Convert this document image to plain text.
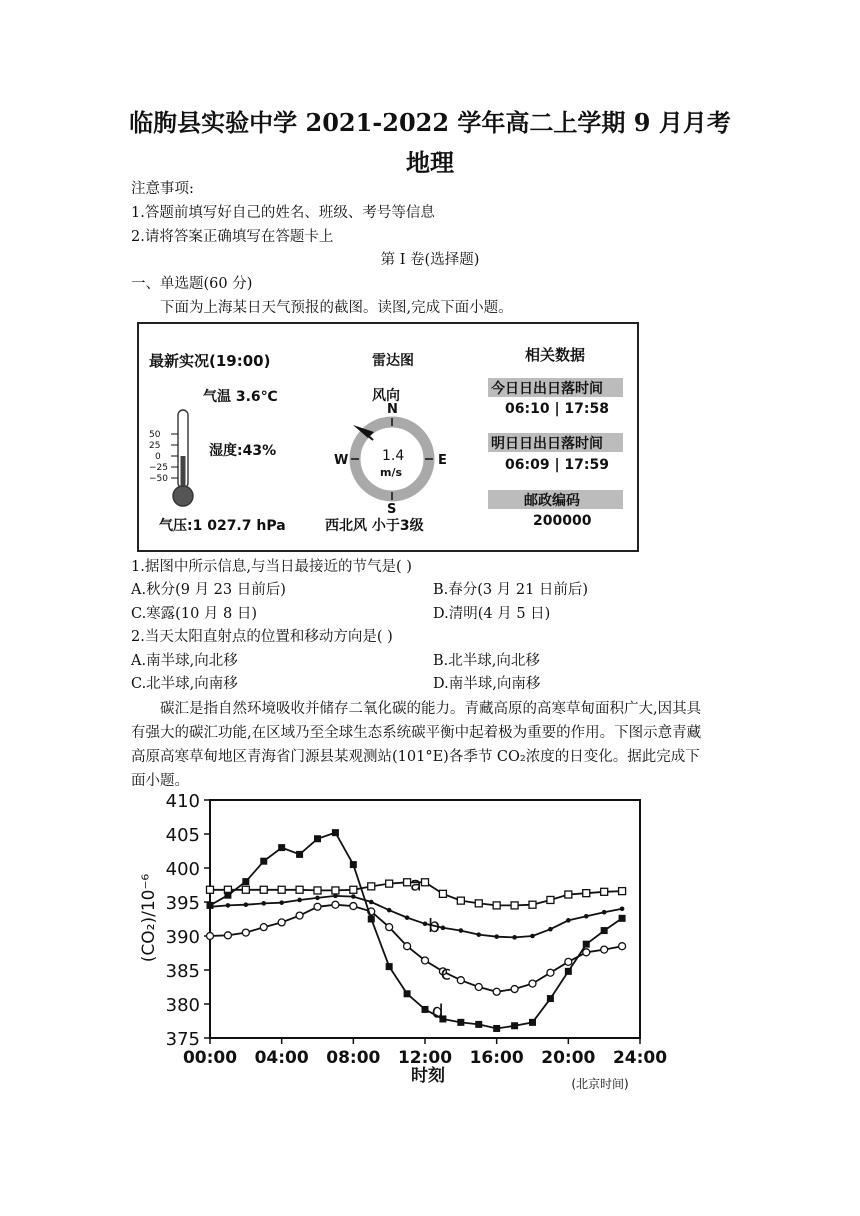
临朐县实验中学 2021-2022 学年高二上学期 9 月月考
地理
注意事项:
1.答题前填写好自己的姓名、班级、考号等信息
2.请将答案正确填写在答题卡上
第 I 卷(选择题)
一、单选题(60 分)
下面为上海某日天气预报的截图。读图,完成下面小题。
最新实况(19:00)
气温 3.6℃
湿度:43%
气压:1 027.7 hPa
50
25
0
−25
−50
雷达图
风向
N
S
W	E
1.4
m/s
西北风 小于3级
相关数据
今日日出日落时间
06:10 | 17:58
明日日出日落时间
06:09 | 17:59
邮政编码
200000
1.据图中所示信息,与当日最接近的节气是( )
A.秋分(9 月 23 日前后)	B.春分(3 月 21 日前后)
C.寒露(10 月 8 日)	D.清明(4 月 5 日)
2.当天太阳直射点的位置和移动方向是( )
A.南半球,向北移	B.北半球,向北移
C.北半球,向南移	D.南半球,向南移
碳汇是指自然环境吸收并储存二氧化碳的能力。青藏高原的高寒草甸面积广大,因其具
有强大的碳汇功能,在区域乃至全球生态系统碳平衡中起着极为重要的作用。下图示意青藏
高原高寒草甸地区青海省门源县某观测站(101°E)各季节 CO₂浓度的日变化。据此完成下
面小题。
375
380
385
390
395
400
405
410
00:00 04:00 08:00 12:00 16:00 20:00 24:00
a
b
c
d
(CO₂)/10⁻⁶
时刻	(北京时间)
